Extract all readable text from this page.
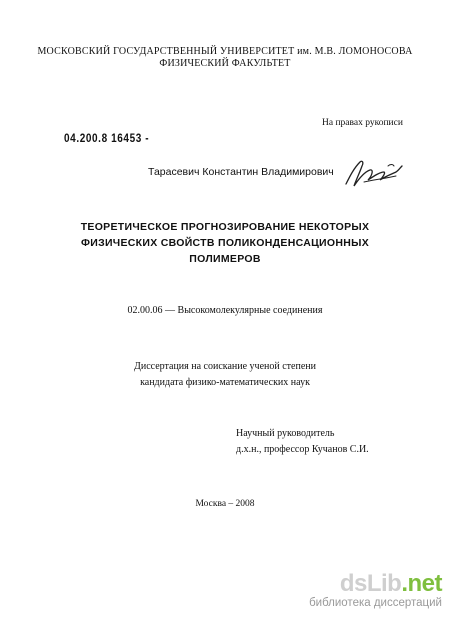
МОСКОВСКИЙ ГОСУДАРСТВЕННЫЙ УНИВЕРСИТЕТ им. М.В. ЛОМОНОСОВА
ФИЗИЧЕСКИЙ ФАКУЛЬТЕТ
На правах рукописи
04.200.8 16453 -
Тарасевич Константин Владимирович
ТЕОРЕТИЧЕСКОЕ ПРОГНОЗИРОВАНИЕ НЕКОТОРЫХ
ФИЗИЧЕСКИХ СВОЙСТВ ПОЛИКОНДЕНСАЦИОННЫХ
ПОЛИМЕРОВ
02.00.06 — Высокомолекулярные соединения
Диссертация на соискание ученой степени
кандидата физико-математических наук
Научный руководитель
д.х.н., профессор Кучанов С.И.
Москва – 2008
dsLib.net
библиотека диссертаций
